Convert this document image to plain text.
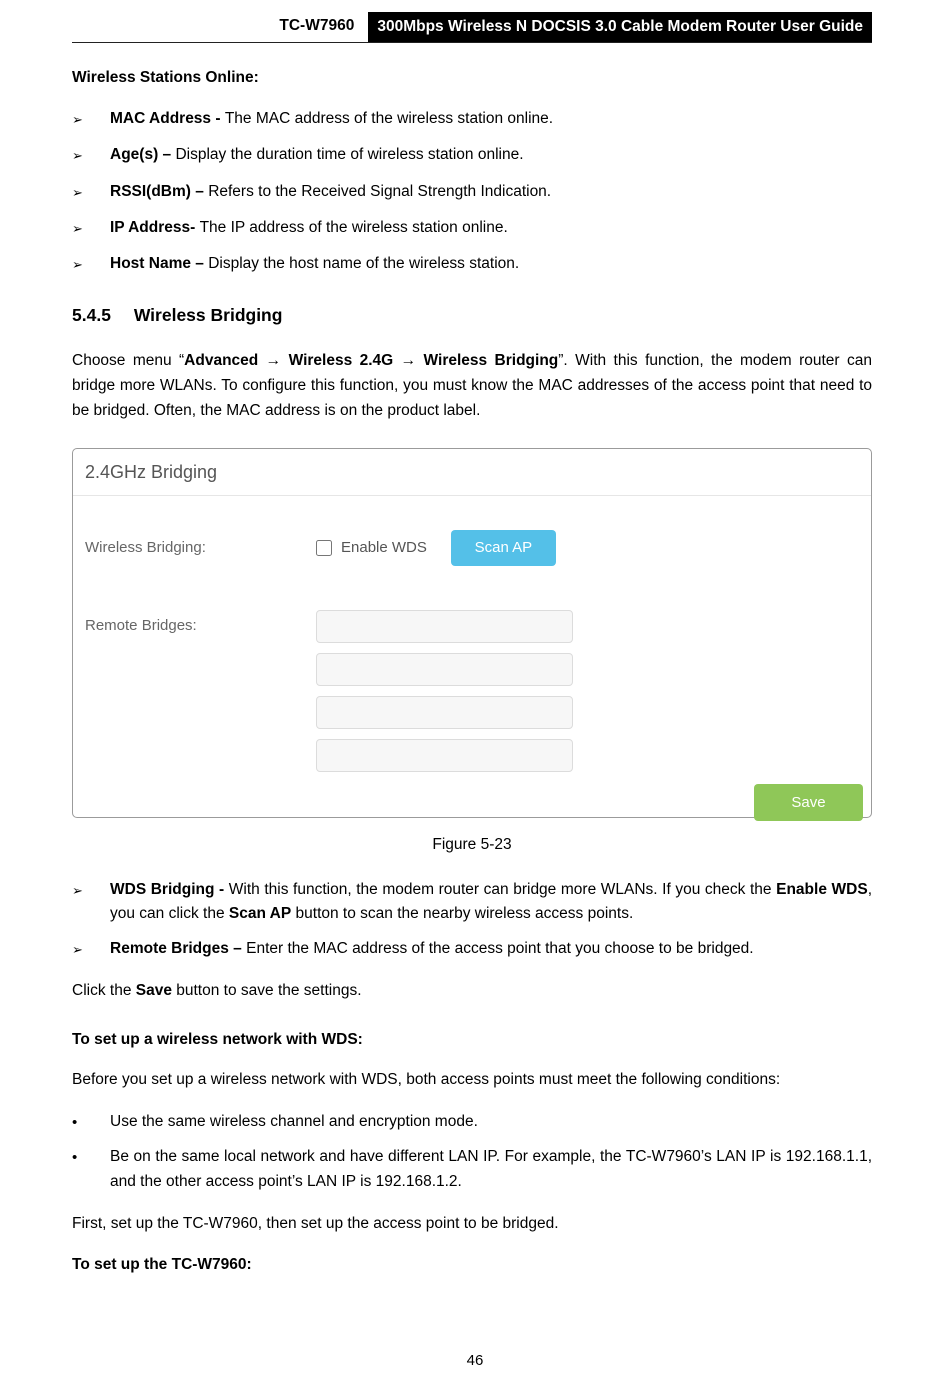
TC-W7960	300Mbps Wireless N DOCSIS 3.0 Cable Modem Router User Guide
Wireless Stations Online:
➢	MAC Address - The MAC address of the wireless station online.
➢	Age(s) – Display the duration time of wireless station online.
➢	RSSI(dBm) – Refers to the Received Signal Strength Indication.
➢	IP Address- The IP address of the wireless station online.
➢	Host Name – Display the host name of the wireless station.
5.4.5 Wireless Bridging

Choose menu “Advanced → Wireless 2.4G → Wireless Bridging”. With this function, the modem router can bridge more WLANs. To configure this function, you must know the MAC addresses of the access point that need to be bridged. Often, the MAC address is on the product label.

2.4GHz Bridging
Wireless Bridging:	Enable WDS	Scan AP
Remote Bridges:
Save

Figure 5-23

➢	WDS Bridging - With this function, the modem router can bridge more WLANs. If you check the Enable WDS, you can click the Scan AP button to scan the nearby wireless access points.
➢	Remote Bridges – Enter the MAC address of the access point that you choose to be bridged.

Click the Save button to save the settings.

To set up a wireless network with WDS:

Before you set up a wireless network with WDS, both access points must meet the following conditions:

•	Use the same wireless channel and encryption mode.
•	Be on the same local network and have different LAN IP. For example, the TC-W7960’s LAN IP is 192.168.1.1, and the other access point’s LAN IP is 192.168.1.2.

First, set up the TC-W7960, then set up the access point to be bridged.

To set up the TC-W7960:
46
